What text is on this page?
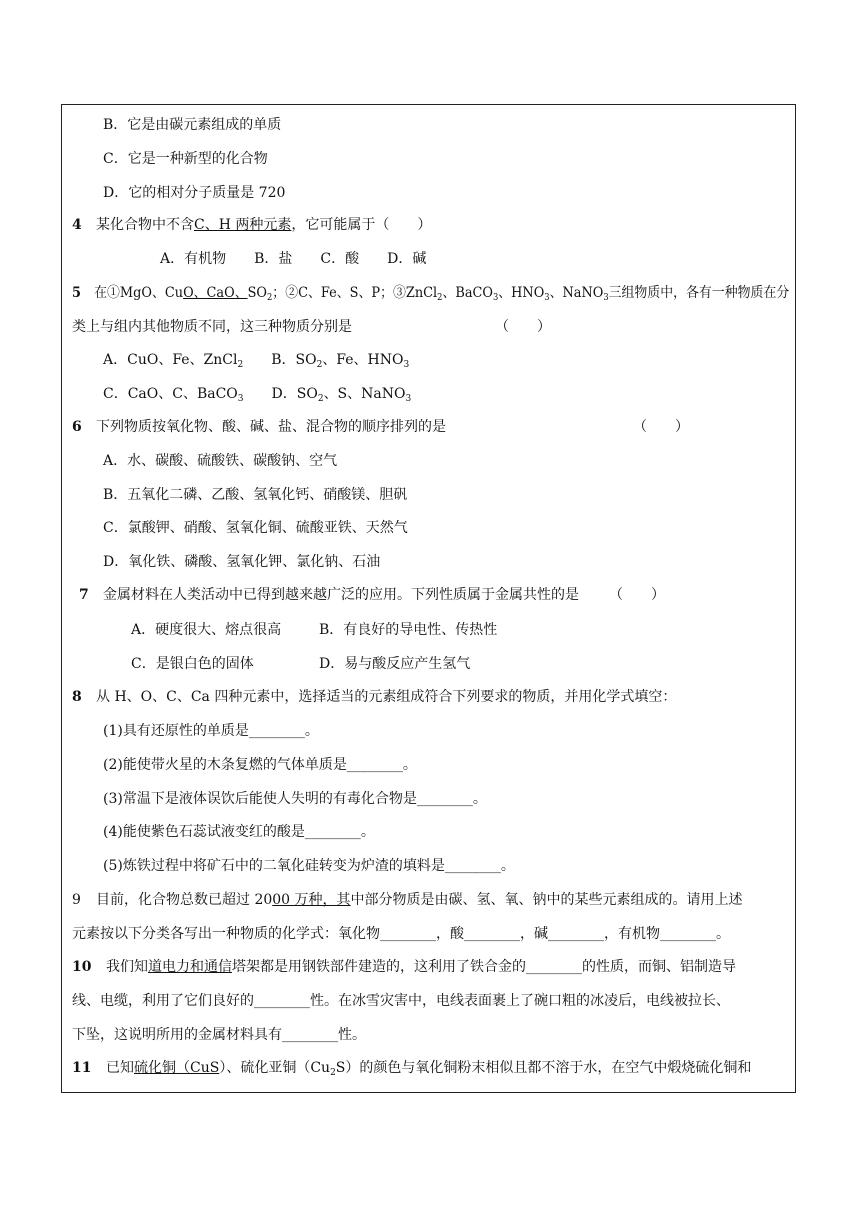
B．它是由碳元素组成的单质
C．它是一种新型的化合物
D．它的相对分子质量是 720
4 某化合物中不含C、H 两种元素，它可能属于（　　）
A．有机物　　B．盐　　C．酸　　D．碱
5 在①MgO、CuO、CaO、$SO_2$；②C、Fe、S、P；③ZnCl$_2$、BaCO$_3$、$HNO_3$、NaNO$_3$三组物质中，各有一种物质在分
类上与组内其他物质不同，这三种物质分别是	（　　）
A．CuO、Fe、ZnCl$_2$　　B．$SO_2$、Fe、$HNO_3$
C．CaO、C、BaCO$_3$　　D．$SO_2$、S、NaNO$_3$
6 下列物质按氧化物、酸、碱、盐、混合物的顺序排列的是	（　　）
A．水、碳酸、硫酸铁、碳酸钠、空气
B．五氧化二磷、乙酸、氢氧化钙、硝酸镁、胆矾
C．氯酸钾、硝酸、氢氧化铜、硫酸亚铁、天然气
D．氧化铁、磷酸、氢氧化钾、氯化钠、石油
7 金属材料在人类活动中已得到越来越广泛的应用。下列性质属于金属共性的是 （　　）
A．硬度很大、熔点很高	B．有良好的导电性、传热性
C．是银白色的固体	D．易与酸反应产生氢气
8 从 H、O、C、Ca 四种元素中，选择适当的元素组成符合下列要求的物质，并用化学式填空：
(1)具有还原性的单质是________。
(2)能使带火星的木条复燃的气体单质是________。
(3)常温下是液体误饮后能使人失明的有毒化合物是________。
(4)能使紫色石蕊试液变红的酸是________。
(5)炼铁过程中将矿石中的二氧化硅转变为炉渣的填料是________。
9 目前，化合物总数已超过 2000 万种，其中部分物质是由碳、氢、氧、钠中的某些元素组成的。请用上述
元素按以下分类各写出一种物质的化学式：氧化物________，酸________，碱________，有机物________。
10 我们知道电力和通信塔架都是用钢铁部件建造的，这利用了铁合金的________的性质，而铜、铝制造导
线、电缆，利用了它们良好的________性。在冰雪灾害中，电线表面裹上了碗口粗的冰凌后，电线被拉长、
下坠，这说明所用的金属材料具有________性。
11 已知硫化铜（CuS）、硫化亚铜$(Cu_2S)$的颜色与氧化铜粉末相似且都不溶于水，在空气中煅烧硫化铜和
